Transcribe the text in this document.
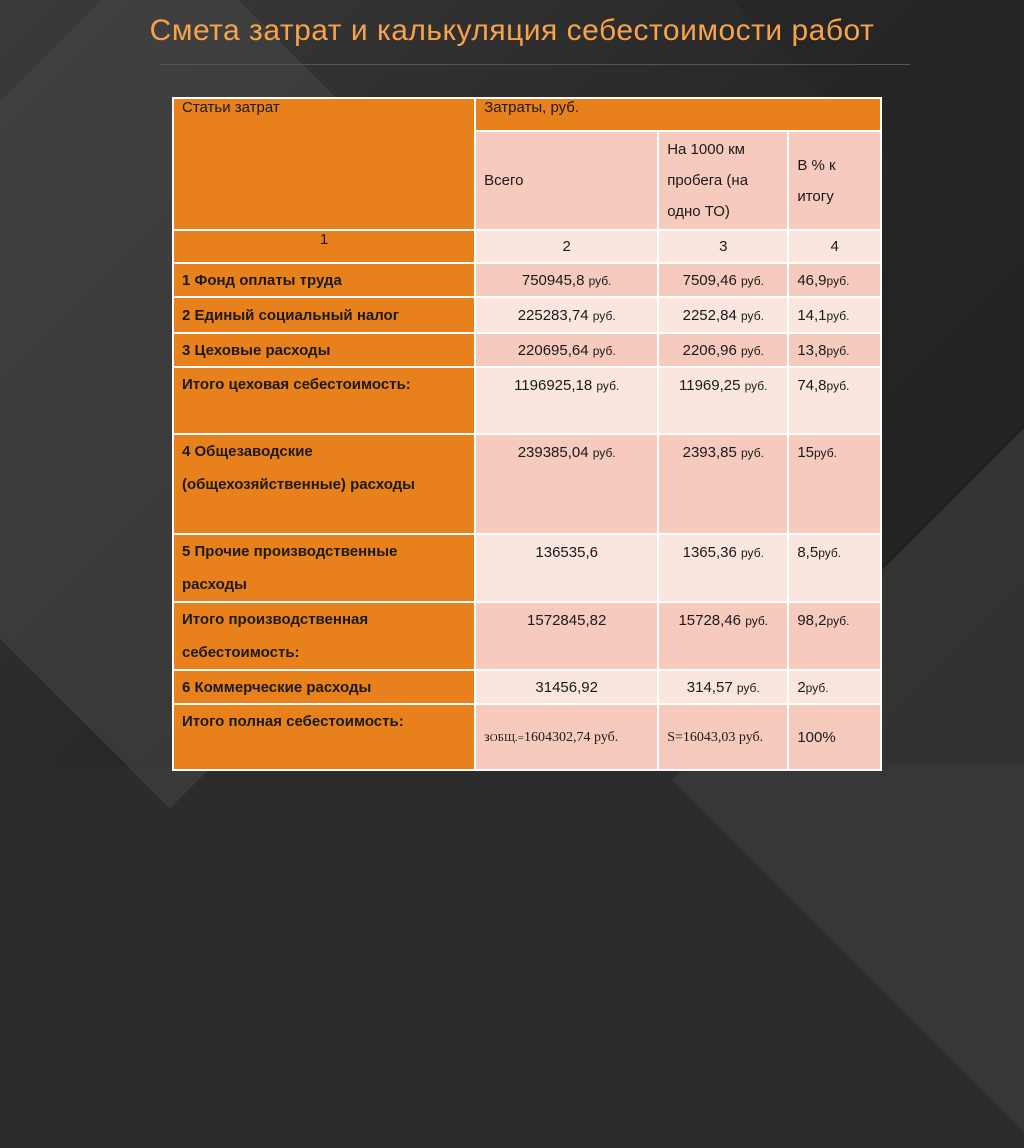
Смета затрат и калькуляция себестоимости работ
Статьи затрат	Затраты, руб.		
	Всего	На 1000 км пробега (на одно ТО)	В % к итогу
1	2	3	4
1 Фонд оплаты труда	750945,8 руб.	7509,46 руб.	46,9руб.
2 Единый социальный налог	225283,74 руб.	2252,84 руб.	14,1руб.
3 Цеховые расходы	220695,64 руб.	2206,96 руб.	13,8руб.
Итого цеховая себестоимость:	1196925,18 руб.	11969,25 руб.	74,8руб.

4 Общезаводские (общехозяйственные) расходы	239385,04 руб.	2393,85 руб.	15руб.

5 Прочие производственные расходы	136535,6	1365,36 руб.	8,5руб.

Итого производственная себестоимость:	1572845,82	15728,46 руб.	98,2руб.

6 Коммерческие расходы	31456,92	314,57 руб.	2руб.
Итого полная себестоимость:	зОБЩ.=1604302,74 руб.	S=16043,03 руб.	100%
